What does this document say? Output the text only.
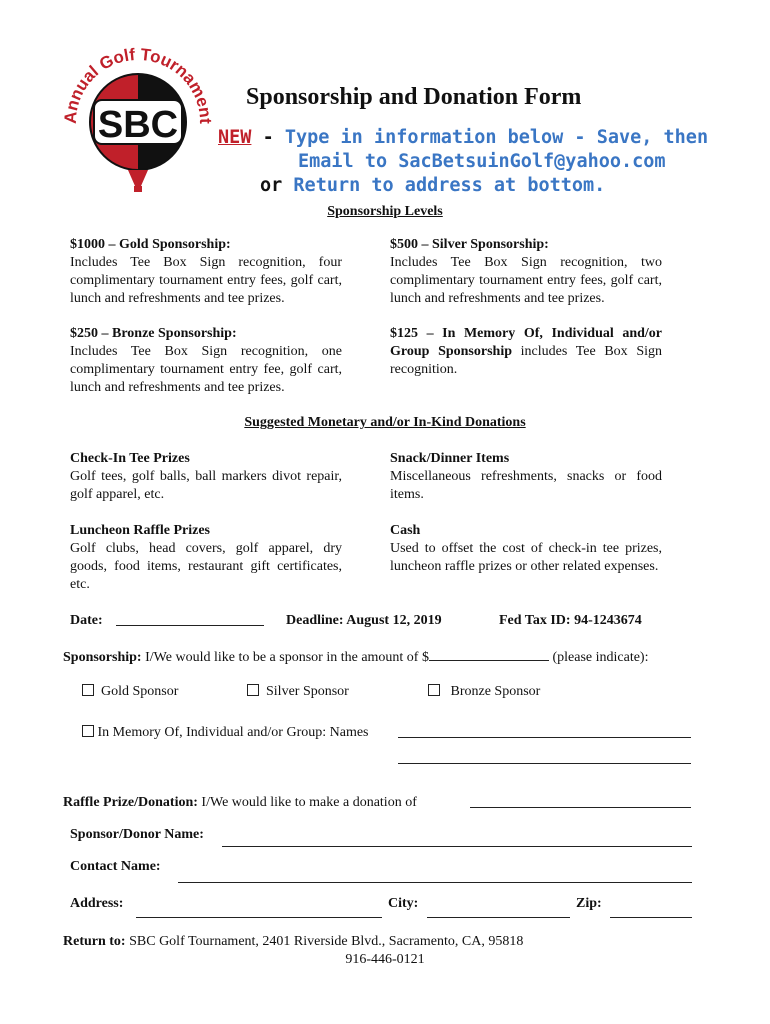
Annual Golf Tournament
SBC
Sponsorship and Donation Form
NEW - Type in information below - Save, then
Email to SacBetsuinGolf@yahoo.com
or Return to address at bottom.
Sponsorship Levels
$1000 – Gold Sponsorship:
Includes Tee Box Sign recognition, four complimentary tournament entry fees, golf cart, lunch and refreshments and tee prizes.
$500 – Silver Sponsorship:
Includes Tee Box Sign recognition, two complimentary tournament entry fees, golf cart, lunch and refreshments and tee prizes.
$250 – Bronze Sponsorship:
Includes Tee Box Sign recognition, one complimentary tournament entry fee, golf cart, lunch and refreshments and tee prizes.
$125 – In Memory Of, Individual and/or Group Sponsorship includes Tee Box Sign recognition.
Suggested Monetary and/or In-Kind Donations
Check-In Tee Prizes
Golf tees, golf balls, ball markers divot repair, golf apparel, etc.
Snack/Dinner Items
Miscellaneous refreshments, snacks or food items.
Luncheon Raffle Prizes
Golf clubs, head covers, golf apparel, dry goods, food items, restaurant gift certificates, etc.
Cash
Used to offset the cost of check-in tee prizes, luncheon raffle prizes or other related expenses.
Date:	Deadline: August 12, 2019	Fed Tax ID: 94-1243674
Sponsorship: I/We would like to be a sponsor in the amount of $	(please indicate):
Gold Sponsor	Silver Sponsor	Bronze Sponsor
In Memory Of, Individual and/or Group: Names
Raffle Prize/Donation: I/We would like to make a donation of
Sponsor/Donor Name:
Contact Name:
Address:	City:	Zip:
Return to: SBC Golf Tournament, 2401 Riverside Blvd., Sacramento, CA, 95818
916-446-0121
